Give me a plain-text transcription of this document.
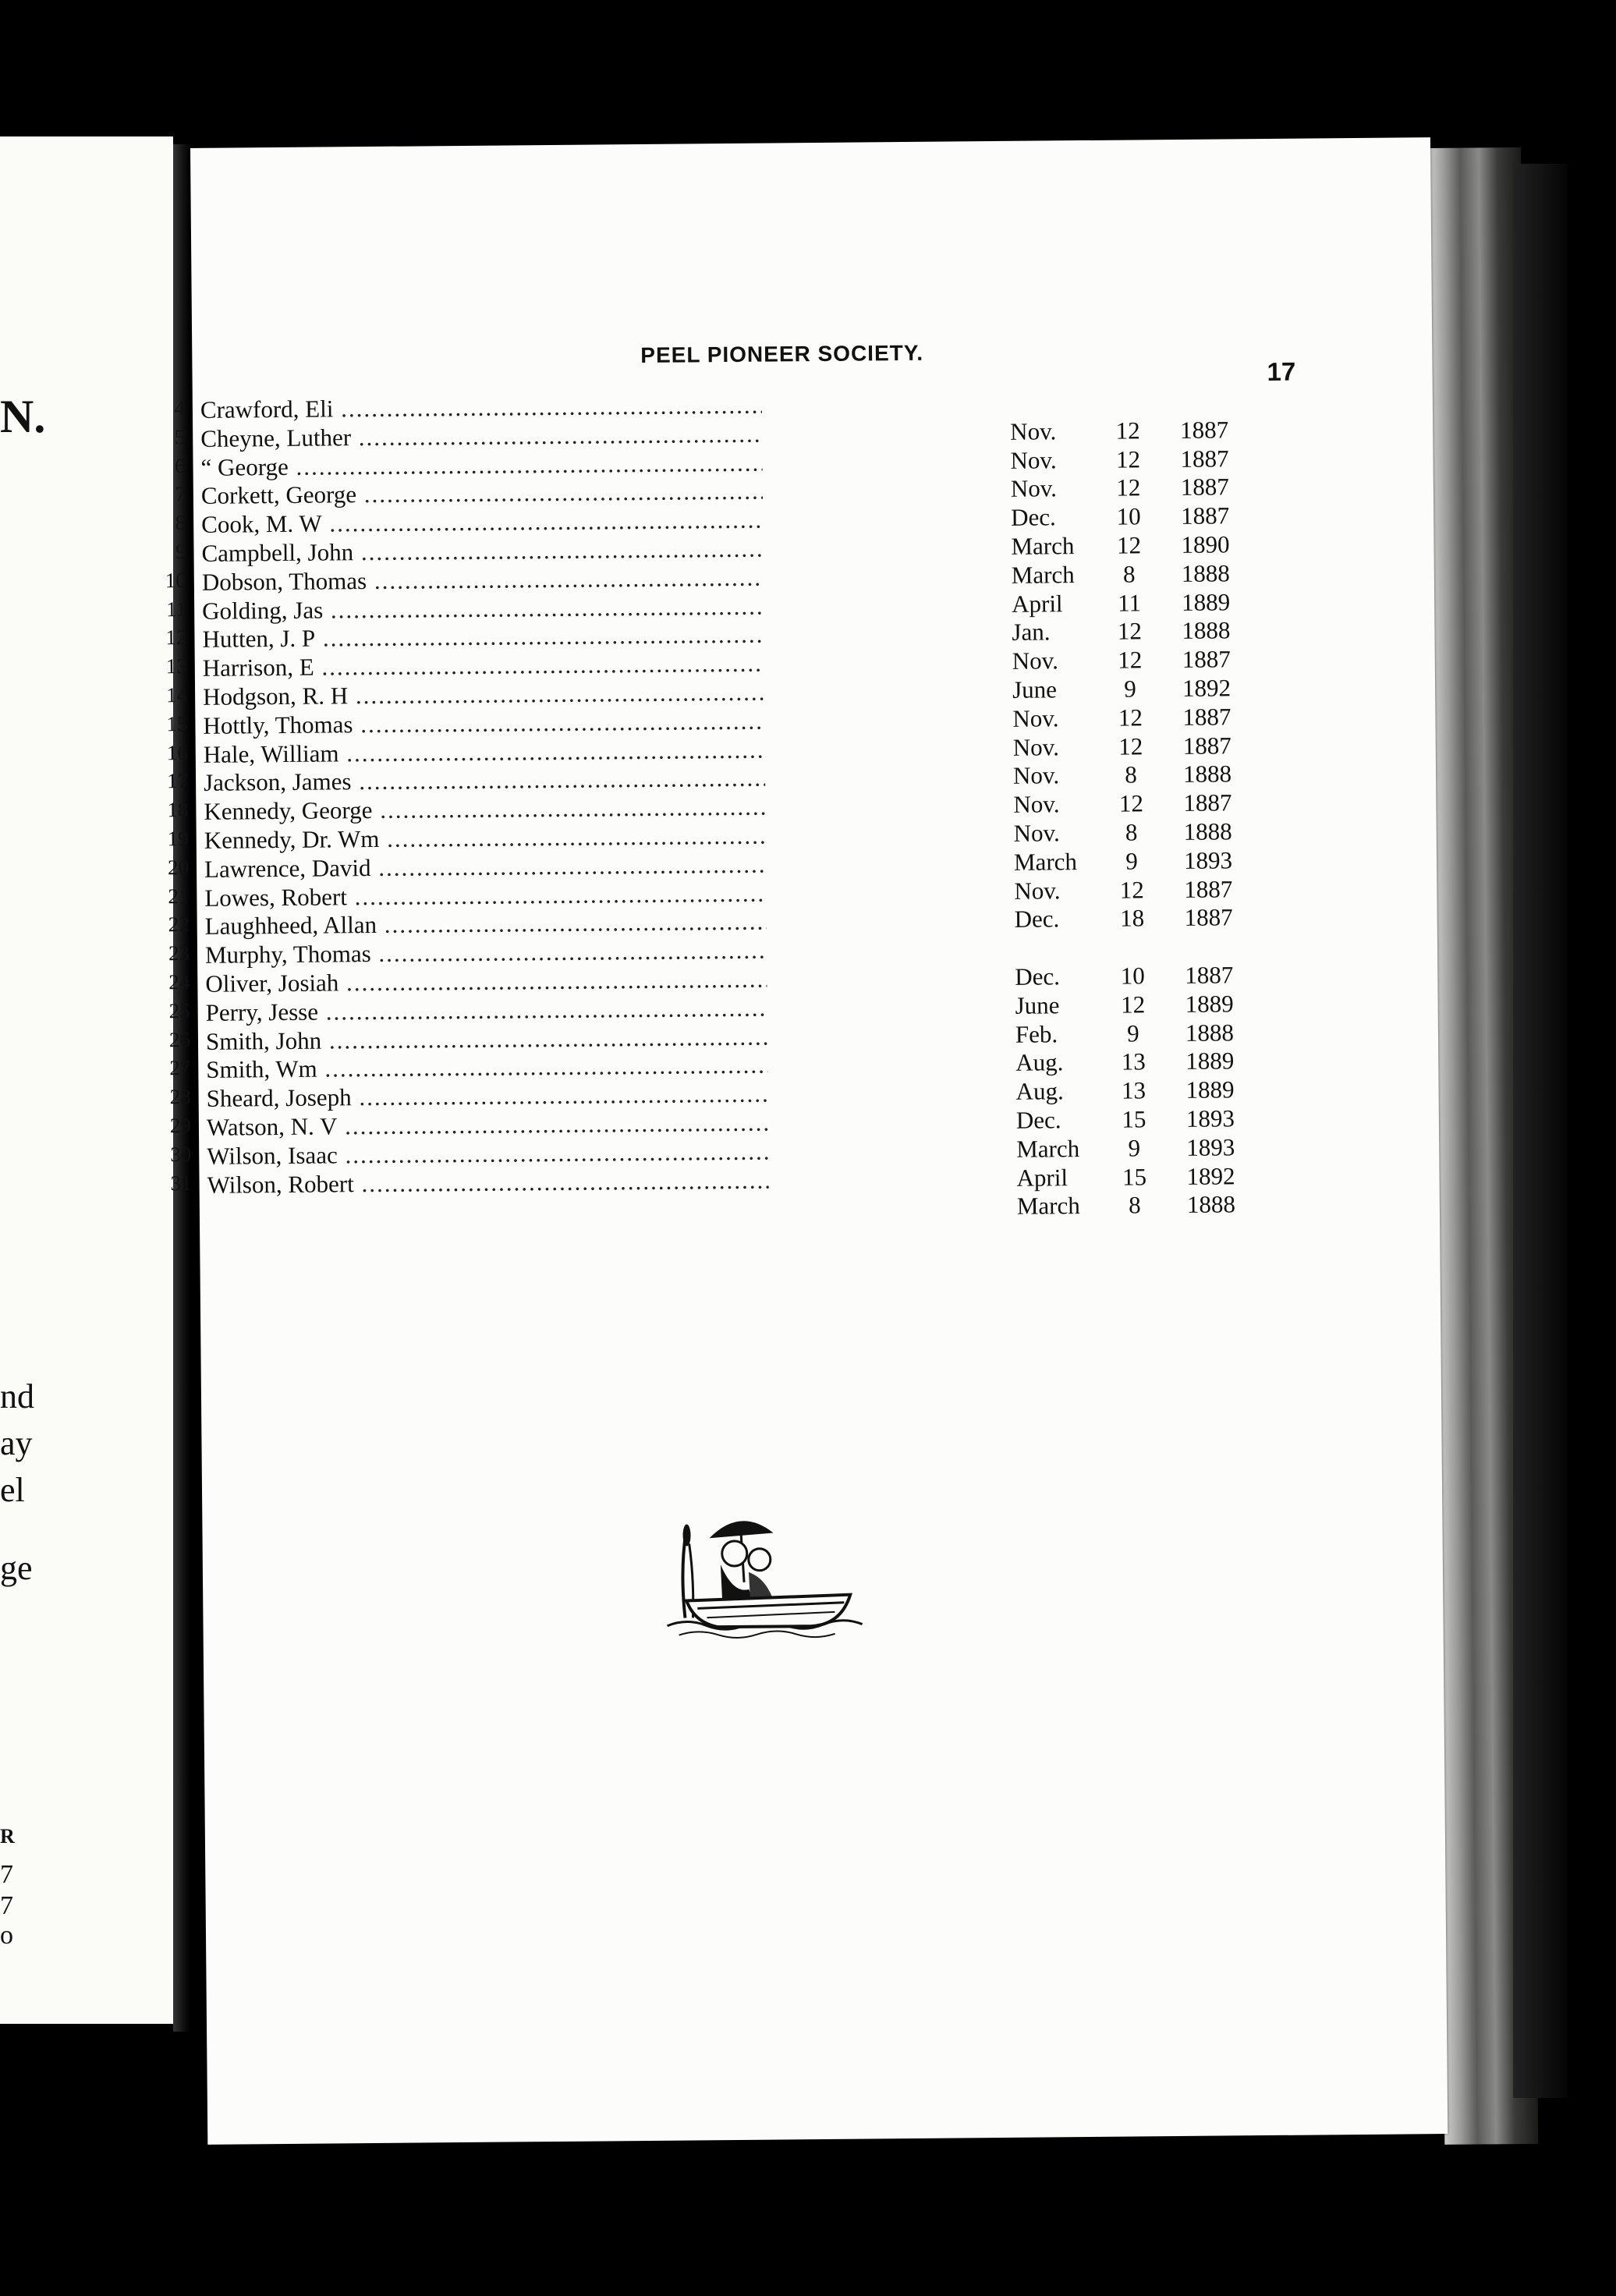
N.
nd
ay
el
ge
R
7
7
o
PEEL PIONEER SOCIETY.
17
4 Crawford, Eli .....
5 Cheyne, Luther .....	Nov.	12	1887
6 “ George .....	Nov.	12	1887
7 Corkett, George .....	Nov.	12	1887
8 Cook, M. W .....	Dec.	10	1887
9 Campbell, John .....	March	12	1890
10 Dobson, Thomas .....	March	8	1888
11 Golding, Jas .....	April	11	1889
12 Hutten, J. P .....	Jan.	12	1888
13 Harrison, E .....	Nov.	12	1887
14 Hodgson, R. H .....	June	9	1892
15 Hottly, Thomas .....	Nov.	12	1887
16 Hale, William .....	Nov.	12	1887
17 Jackson, James .....	Nov.	8	1888
18 Kennedy, George .....	Nov.	12	1887
19 Kennedy, Dr. Wm .....	Nov.	8	1888
20 Lawrence, David .....	March	9	1893
21 Lowes, Robert .....	Nov.	12	1887
22 Laughheed, Allan .....	Dec.	18	1887
23 Murphy, Thomas .....
24 Oliver, Josiah .....	Dec.	10	1887
25 Perry, Jesse .....	June	12	1889
26 Smith, John .....	Feb.	9	1888
27 Smith, Wm .....	Aug.	13	1889
28 Sheard, Joseph .....	Aug.	13	1889
29 Watson, N. V .....	Dec.	15	1893
30 Wilson, Isaac .....	March	9	1893
31 Wilson, Robert .....	April	15	1892
March	8	1888
